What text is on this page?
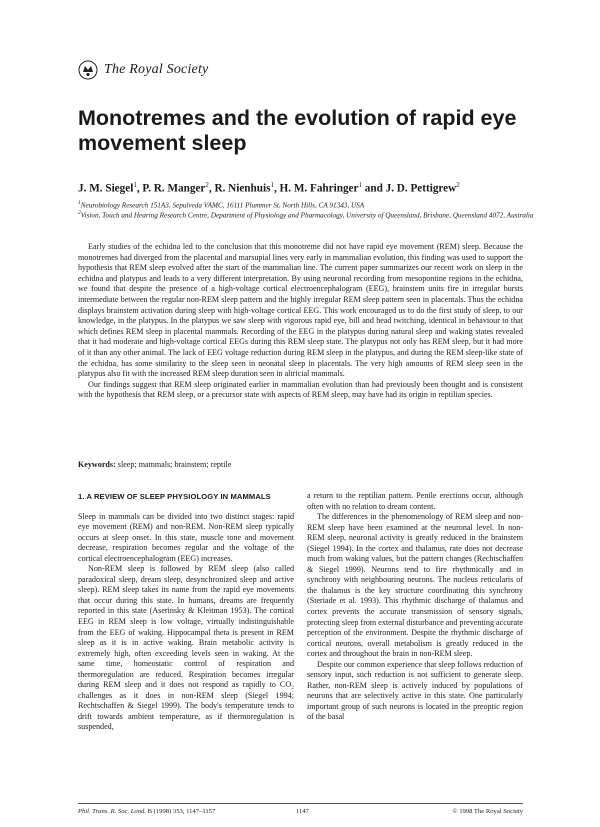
The Royal Society
Monotremes and the evolution of rapid eye movement sleep
J. M. Siegel$^1$, P. R. Manger$^2$, R. Nienhuis$^1$, H. M. Fahringer$^1$ and J. D. Pettigrew$^2$
$^1$Neurobiology Research 151A3, Sepulveda VAMC, 16111 Plummer St, North Hills, CA 91343, USA
$^2$Vision, Touch and Hearing Research Centre, Department of Physiology and Pharmacology, University of Queensland, Brisbane, Queensland 4072, Australia

Early studies of the echidna led to the conclusion that this monotreme did not have rapid eye movement (REM) sleep. Because the monotremes had diverged from the placental and marsupial lines very early in mammalian evolution, this finding was used to support the hypothesis that REM sleep evolved after the start of the mammalian line. The current paper summarizes our recent work on sleep in the echidna and platypus and leads to a very different interpretation. By using neuronal recording from mesopontine regions in the echidna, we found that despite the presence of a high-voltage cortical electroencephalogram (EEG), brainstem units fire in irregular bursts intermediate between the regular non-REM sleep pattern and the highly irregular REM sleep pattern seen in placentals. Thus the echidna displays brainstem activation during sleep with high-voltage cortical EEG. This work encouraged us to do the first study of sleep, to our knowledge, in the platypus. In the platypus we saw sleep with vigorous rapid eye, bill and head twitching, identical in behaviour to that which defines REM sleep in placental mammals. Recording of the EEG in the platypus during natural sleep and waking states revealed that it had moderate and high-voltage cortical EEGs during this REM sleep state. The platypus not only has REM sleep, but it had more of it than any other animal. The lack of EEG voltage reduction during REM sleep in the platypus, and during the REM sleep-like state of the echidna, has some similarity to the sleep seen in neonatal sleep in placentals. The very high amounts of REM sleep seen in the platypus also fit with the increased REM sleep duration seen in altricial mammals.

Our findings suggest that REM sleep originated earlier in mammalian evolution than had previously been thought and is consistent with the hypothesis that REM sleep, or a precursor state with aspects of REM sleep, may have had its origin in reptilian species.

Keywords: sleep; mammals; brainstem; reptile
1. A REVIEW OF SLEEP PHYSIOLOGY IN MAMMALS

Sleep in mammals can be divided into two distinct stages: rapid eye movement (REM) and non-REM. Non-REM sleep typically occurs at sleep onset. In this state, muscle tone and movement decrease, respiration becomes regular and the voltage of the cortical electroencephalogram (EEG) increases.

Non-REM sleep is followed by REM sleep (also called paradoxical sleep, dream sleep, desynchronized sleep and active sleep). REM sleep takes its name from the rapid eye movements that occur during this state. In humans, dreams are frequently reported in this state (Aserinsky & Kleitman 1953). The cortical EEG in REM sleep is low voltage, virtually indistinguishable from the EEG of waking. Hippocampal theta is present in REM sleep as it is in active waking. Brain metabolic activity is extremely high, often exceeding levels seen in waking. At the same time, homeostatic control of respiration and thermoregulation are reduced. Respiration becomes irregular during REM sleep and it does not respond as rapidly to CO₂ challenges as it does in non-REM sleep (Siegel 1994; Rechtschaffen & Siegel 1999). The body's temperature tends to drift towards ambient temperature, as if thermoregulation is suspended,

a return to the reptilian pattern. Penile erections occur, although often with no relation to dream content.

The differences in the phenomenology of REM sleep and non-REM sleep have been examined at the neuronal level. In non-REM sleep, neuronal activity is greatly reduced in the brainstem (Siegel 1994). In the cortex and thalamus, rate does not decrease much from waking values, but the pattern changes (Rechtschaffen & Siegel 1999). Neurons tend to fire rhythmically and in synchrony with neighbouring neurons. The nucleus reticularis of the thalamus is the key structure coordinating this synchrony (Steriade et al. 1993). This rhythmic discharge of thalamus and cortex prevents the accurate transmission of sensory signals, protecting sleep from external disturbance and preventing accurate perception of the environment. Despite the rhythmic discharge of cortical neurons, overall metabolism is greatly reduced in the cortex and throughout the brain in non-REM sleep.

Despite our common experience that sleep follows reduction of sensory input, such reduction is not sufficient to generate sleep. Rather, non-REM sleep is actively induced by populations of neurons that are selectively active in this state. One particularly important group of such neurons is located in the preoptic region of the basal

Phil. Trans. R. Soc. Lond. B (1998) 353, 1147–1157	1147	© 1998 The Royal Society
